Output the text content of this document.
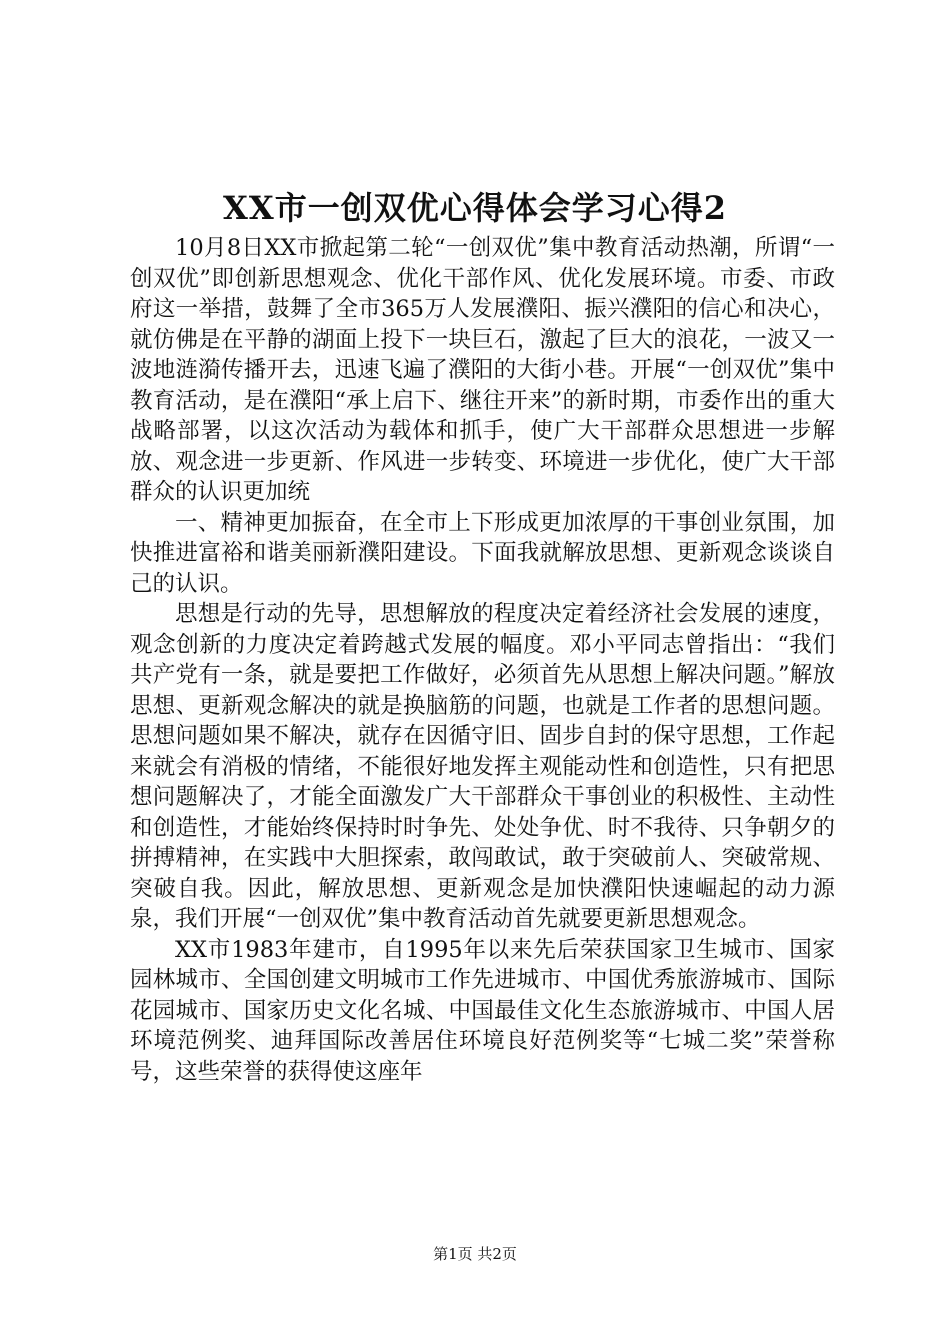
XX市一创双优心得体会学习心得2

10月8日XX市掀起第二轮“一创双优”集中教育活动热潮，所谓“一创双优”即创新思想观念、优化干部作风、优化发展环境。市委、市政府这一举措，鼓舞了全市365万人发展濮阳、振兴濮阳的信心和决心，就仿佛是在平静的湖面上投下一块巨石，激起了巨大的浪花，一波又一波地涟漪传播开去，迅速飞遍了濮阳的大街小巷。开展“一创双优”集中教育活动，是在濮阳“承上启下、继往开来”的新时期，市委作出的重大战略部署，以这次活动为载体和抓手，使广大干部群众思想进一步解放、观念进一步更新、作风进一步转变、环境进一步优化，使广大干部群众的认识更加统

一、精神更加振奋，在全市上下形成更加浓厚的干事创业氛围，加快推进富裕和谐美丽新濮阳建设。下面我就解放思想、更新观念谈谈自己的认识。

思想是行动的先导，思想解放的程度决定着经济社会发展的速度，观念创新的力度决定着跨越式发展的幅度。邓小平同志曾指出：“我们共产党有一条，就是要把工作做好，必须首先从思想上解决问题。”解放思想、更新观念解决的就是换脑筋的问题，也就是工作者的思想问题。思想问题如果不解决，就存在因循守旧、固步自封的保守思想，工作起来就会有消极的情绪，不能很好地发挥主观能动性和创造性，只有把思想问题解决了，才能全面激发广大干部群众干事创业的积极性、主动性和创造性，才能始终保持时时争先、处处争优、时不我待、只争朝夕的拼搏精神，在实践中大胆探索，敢闯敢试，敢于突破前人、突破常规、突破自我。因此，解放思想、更新观念是加快濮阳快速崛起的动力源泉，我们开展“一创双优”集中教育活动首先就要更新思想观念。

XX市1983年建市，自1995年以来先后荣获国家卫生城市、国家园林城市、全国创建文明城市工作先进城市、中国优秀旅游城市、国际花园城市、国家历史文化名城、中国最佳文化生态旅游城市、中国人居环境范例奖、迪拜国际改善居住环境良好范例奖等“七城二奖”荣誉称号，这些荣誉的获得使这座年

第1页 共2页
